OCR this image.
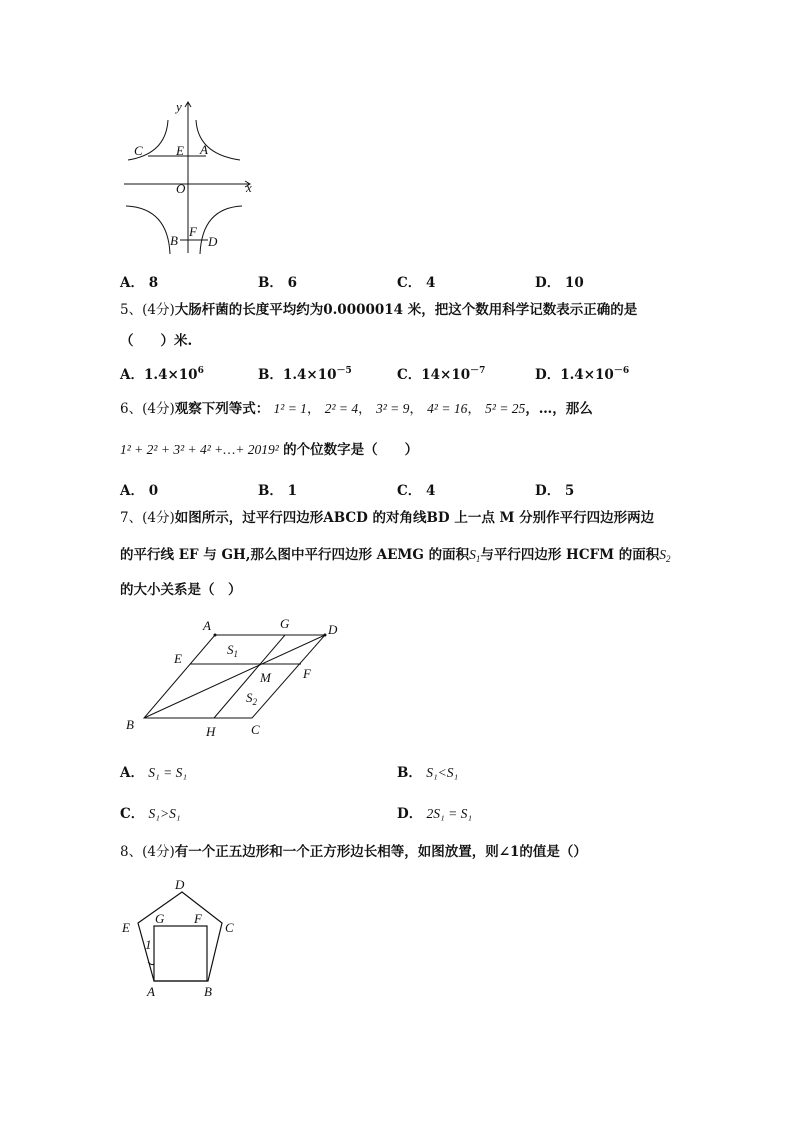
y
x
O
C	E A
B
F
D
A． 8	B． 6	C． 4	D． 10
5、(4分)大肠杆菌的长度平均约为0.0000014 米，把这个数用科学记数表示正确的是
（　　）米.
A．$1.4\times 10^6$	B．$1.4\times 10^{-5}$	C．$14\times 10^{-7}$	D．$1.4\times 10^{-6}$
6、(4分)观察下列等式： 1² = 1， 2² = 4， 3² = 9， 4² = 16， 5² = 25，…，那么
1² + 2² + 3² + 4² +…+ 2019² 的个位数字是（　　）
A． 0	B． 1	C． 4	D． 5
7、(4分)如图所示，过平行四边形ABCD 的对角线BD 上一点 M 分别作平行四边形两边
的平行线 EF 与 GH,那么图中平行四边形 AEMG 的面积$S_1$与平行四边形 HCFM 的面积$S_2$
的大小关系是（　）
A	G	D
E
F
M
B	H	C
$S_1$
$S_2$
A． S₁ = S₁	B． S₁<S₁
C． S₁>S₁	D． 2S₁ = S₁
8、(4分)有一个正五边形和一个正方形边长相等，如图放置，则∠1的值是（）
D
G F
E	C
1
A	B
